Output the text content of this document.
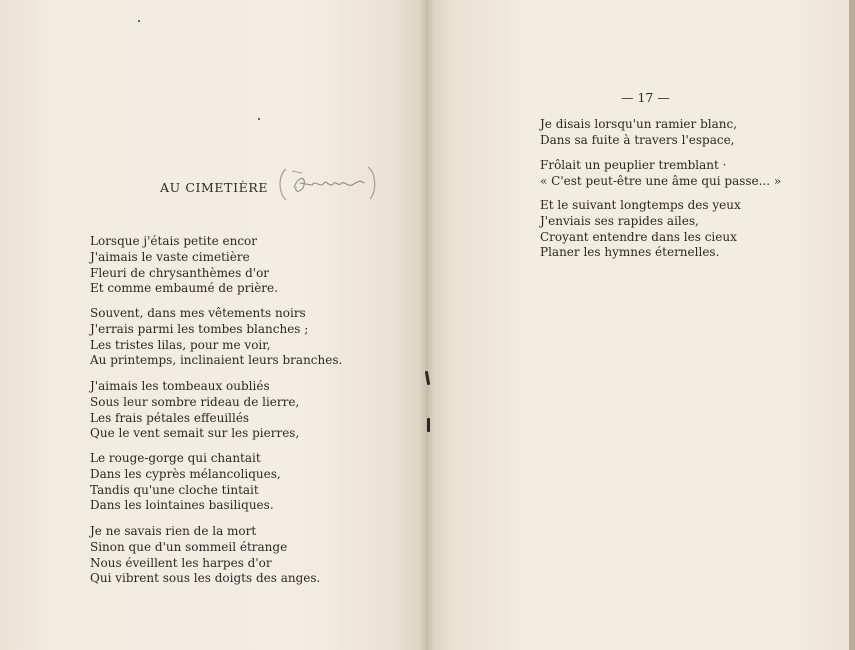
AU CIMETIÈRE
Lorsque j'étais petite encor
J'aimais le vaste cimetière
Fleuri de chrysanthèmes d'or
Et comme embaumé de prière.
Souvent, dans mes vêtements noirs
J'errais parmi les tombes blanches ;
Les tristes lilas, pour me voir,
Au printemps, inclinaient leurs branches.
J'aimais les tombeaux oubliés
Sous leur sombre rideau de lierre,
Les frais pétales effeuillés
Que le vent semait sur les pierres,
Le rouge-gorge qui chantait
Dans les cyprès mélancoliques,
Tandis qu'une cloche tintait
Dans les lointaines basiliques.
Je ne savais rien de la mort
Sinon que d'un sommeil étrange
Nous éveillent les harpes d'or
Qui vibrent sous les doigts des anges.
— 17 —
Je disais lorsqu'un ramier blanc,
Dans sa fuite à travers l'espace,
Frôlait un peuplier tremblant ·
« C'est peut-être une âme qui passe... »
Et le suivant longtemps des yeux
J'enviais ses rapides ailes,
Croyant entendre dans les cieux
Planer les hymnes éternelles.
